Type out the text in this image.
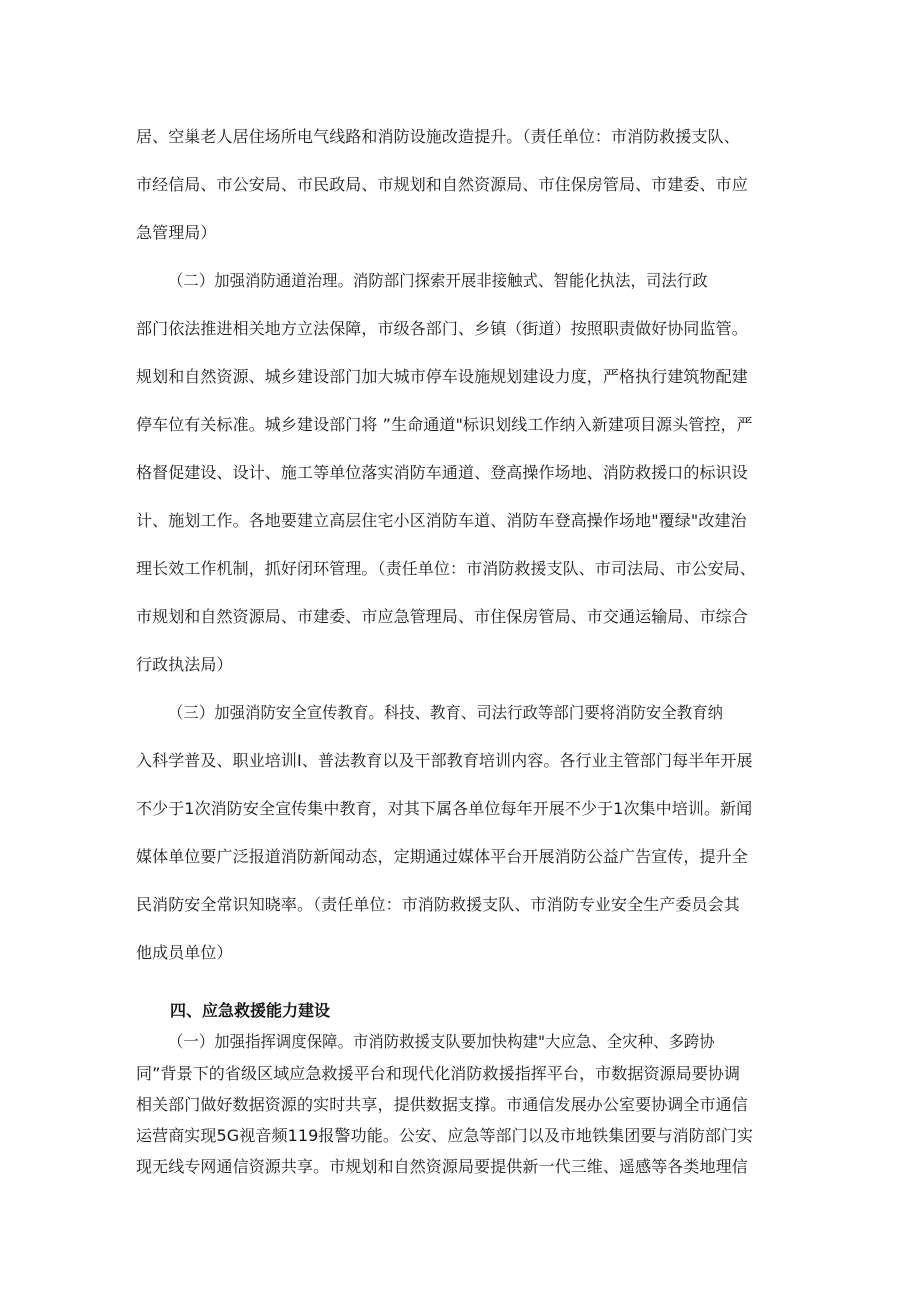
居、空巢老人居住场所电气线路和消防设施改造提升。（责任单位：市消防救援支队、
市经信局、市公安局、市民政局、市规划和自然资源局、市住保房管局、市建委、市应
急管理局）
（二）加强消防通道治理。消防部门探索开展非接触式、智能化执法，司法行政
部门依法推进相关地方立法保障，市级各部门、乡镇（街道）按照职责做好协同监管。
规划和自然资源、城乡建设部门加大城市停车设施规划建设力度，严格执行建筑物配建
停车位有关标准。城乡建设部门将 ”生命通道"标识划线工作纳入新建项目源头管控，严
格督促建设、设计、施工等单位落实消防车通道、登高操作场地、消防救援口的标识设
计、施划工作。各地要建立高层住宅小区消防车道、消防车登高操作场地"覆绿"改建治
理长效工作机制，抓好闭环管理。（责任单位：市消防救援支队、市司法局、市公安局、
市规划和自然资源局、市建委、市应急管理局、市住保房管局、市交通运输局、市综合
行政执法局）
（三）加强消防安全宣传教育。科技、教育、司法行政等部门要将消防安全教育纳
入科学普及、职业培训I、普法教育以及干部教育培训内容。各行业主管部门每半年开展
不少于1次消防安全宣传集中教育，对其下属各单位每年开展不少于1次集中培训。新闻
媒体单位要广泛报道消防新闻动态，定期通过媒体平台开展消防公益广告宣传，提升全
民消防安全常识知晓率。（责任单位：市消防救援支队、市消防专业安全生产委员会其
他成员单位）
四、应急救援能力建设
（一）加强指挥调度保障。市消防救援支队要加快构建"大应急、全灾种、多跨协
同”背景下的省级区域应急救援平台和现代化消防救援指挥平台，市数据资源局要协调
相关部门做好数据资源的实时共享，提供数据支撑。市通信发展办公室要协调全市通信
运营商实现5G视音频119报警功能。公安、应急等部门以及市地铁集团要与消防部门实
现无线专网通信资源共享。市规划和自然资源局要提供新一代三维、遥感等各类地理信
